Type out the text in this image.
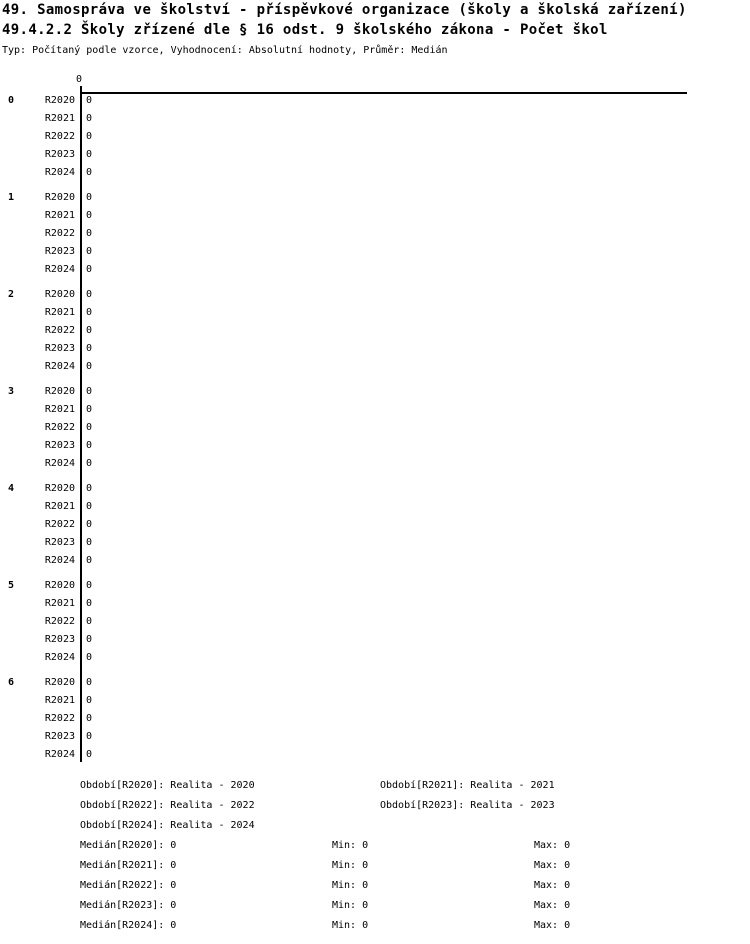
49. Samospráva ve školství - příspěvkové organizace (školy a školská zařízení)
49.4.2.2 Školy zřízené dle § 16 odst. 9 školského zákona - Počet škol
Typ: Počítaný podle vzorce, Vyhodnocení: Absolutní hodnoty, Průměr: Medián
0
0	R2020 0
R2021 0
R2022 0
R2023 0
R2024 0
1	R2020 0
R2021 0
R2022 0
R2023 0
R2024 0
2	R2020 0
R2021 0
R2022 0
R2023 0
R2024 0
3	R2020 0
R2021 0
R2022 0
R2023 0
R2024 0
4	R2020 0
R2021 0
R2022 0
R2023 0
R2024 0
5	R2020 0
R2021 0
R2022 0
R2023 0
R2024 0
6	R2020 0
R2021 0
R2022 0
R2023 0
R2024 0
Období[R2020]: Realita - 2020	Období[R2021]: Realita - 2021
Období[R2022]: Realita - 2022	Období[R2023]: Realita - 2023
Období[R2024]: Realita - 2024
Medián[R2020]: 0	Min: 0	Max: 0
Medián[R2021]: 0	Min: 0	Max: 0
Medián[R2022]: 0	Min: 0	Max: 0
Medián[R2023]: 0	Min: 0	Max: 0
Medián[R2024]: 0	Min: 0	Max: 0
